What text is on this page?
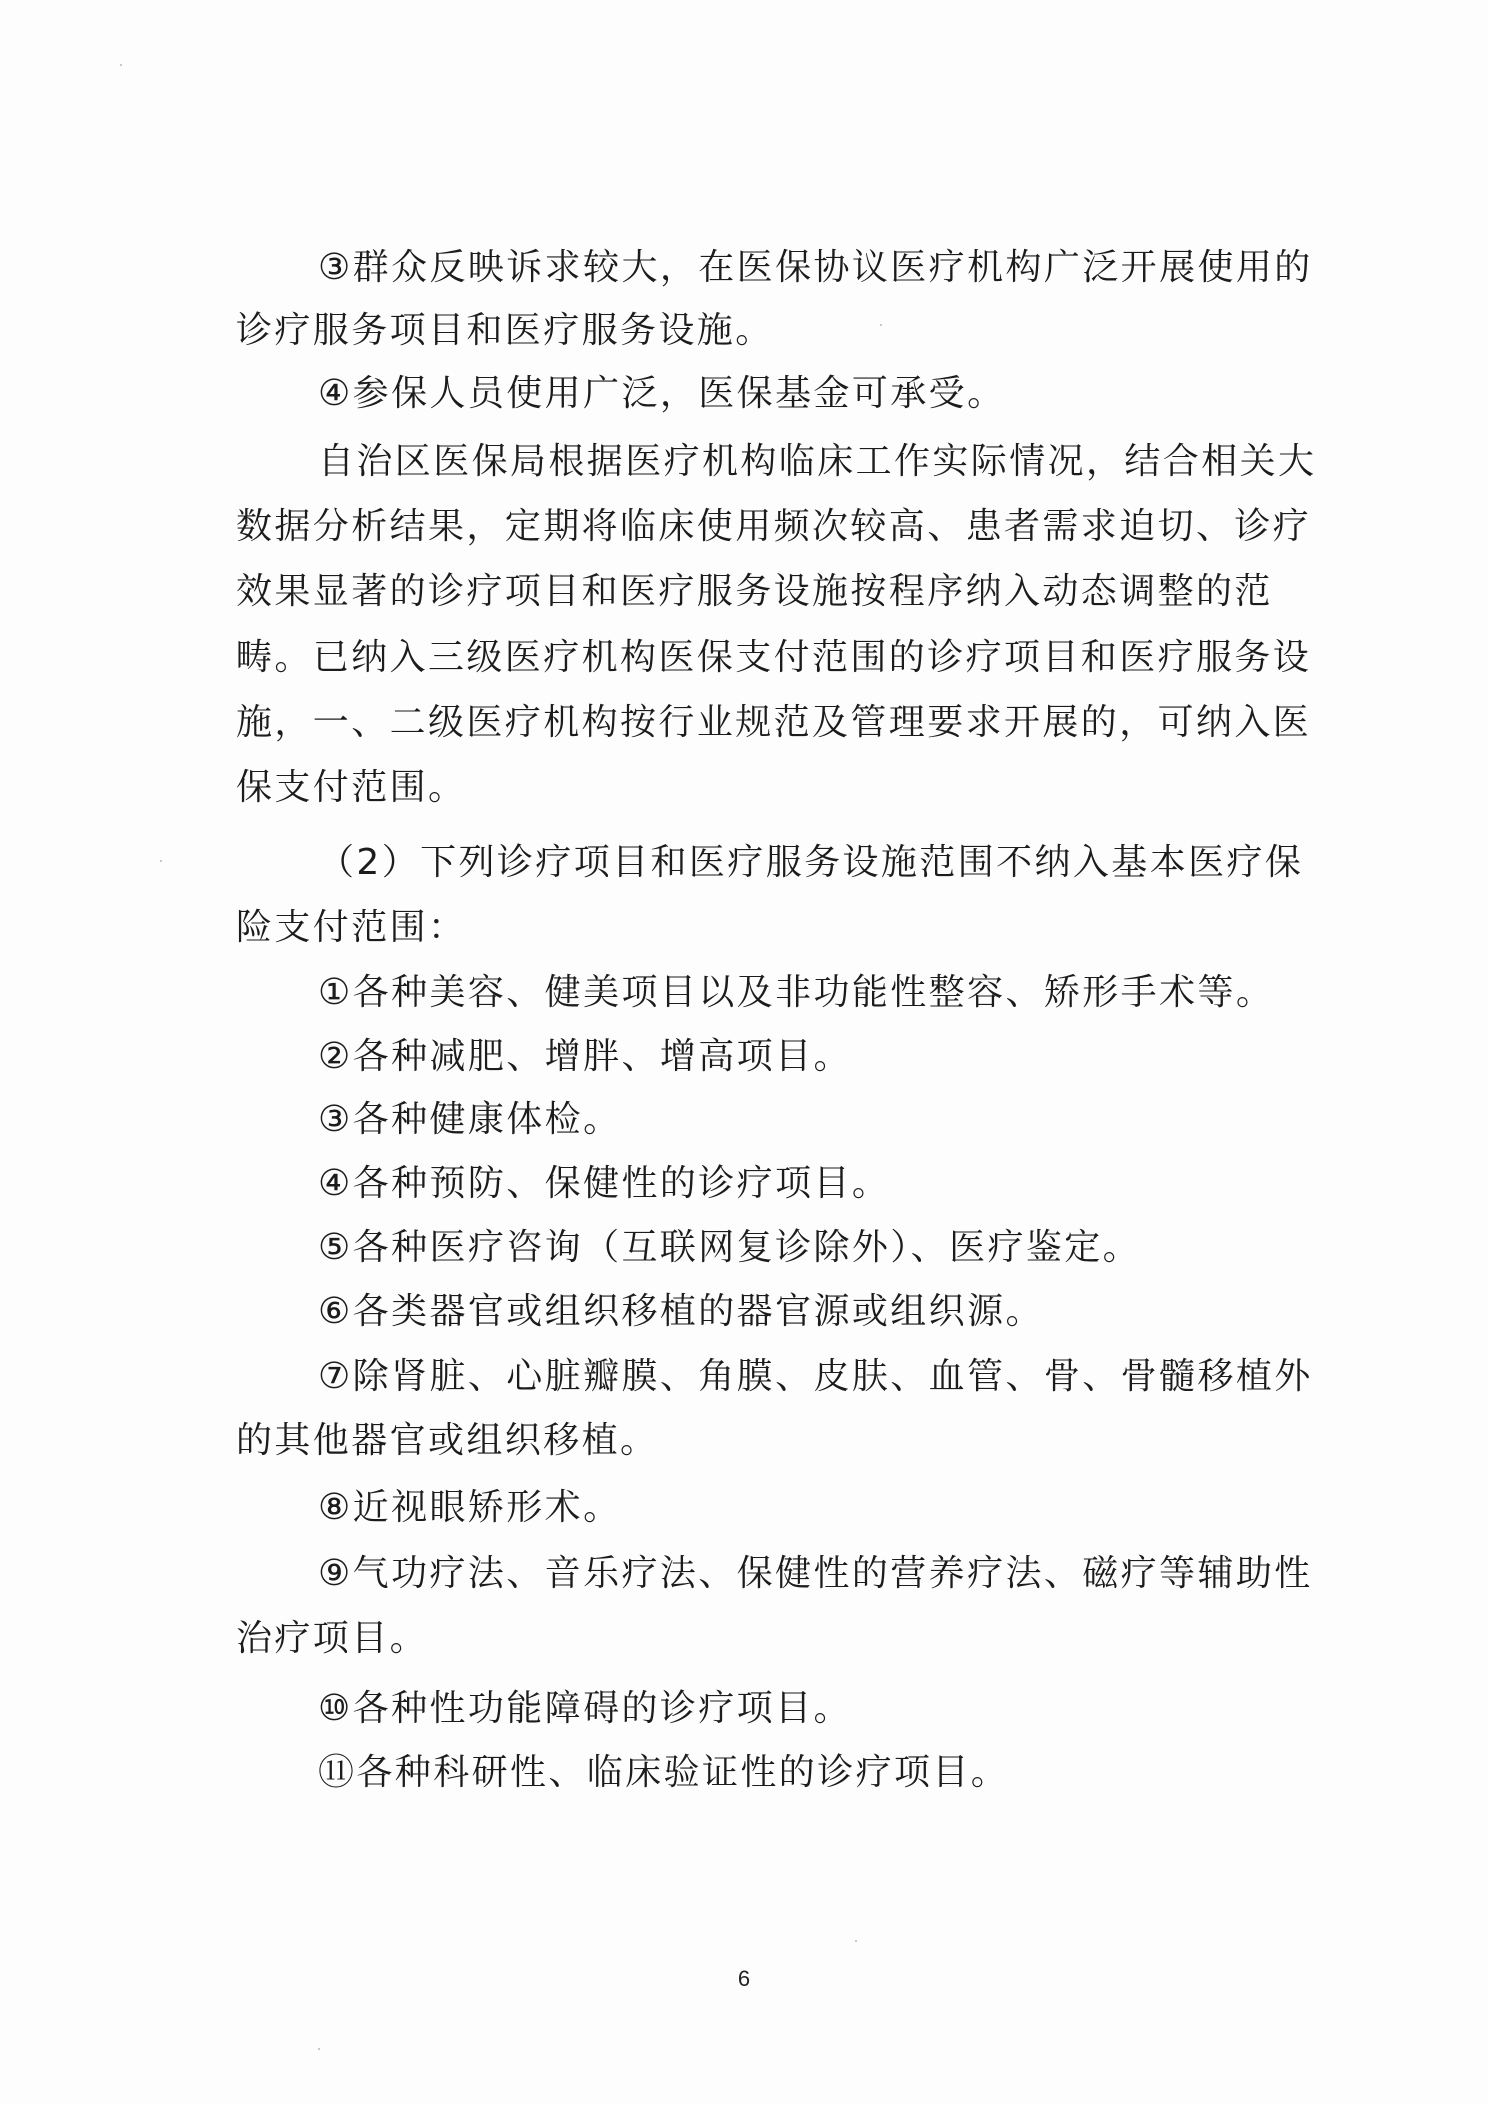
③群众反映诉求较大，在医保协议医疗机构广泛开展使用的
诊疗服务项目和医疗服务设施。
④参保人员使用广泛，医保基金可承受。
自治区医保局根据医疗机构临床工作实际情况，结合相关大
数据分析结果，定期将临床使用频次较高、患者需求迫切、诊疗
效果显著的诊疗项目和医疗服务设施按程序纳入动态调整的范
畴。已纳入三级医疗机构医保支付范围的诊疗项目和医疗服务设
施，一、二级医疗机构按行业规范及管理要求开展的，可纳入医
保支付范围。
（2）下列诊疗项目和医疗服务设施范围不纳入基本医疗保
险支付范围：
①各种美容、健美项目以及非功能性整容、矫形手术等。
②各种减肥、增胖、增高项目。
③各种健康体检。
④各种预防、保健性的诊疗项目。
⑤各种医疗咨询（互联网复诊除外）、医疗鉴定。
⑥各类器官或组织移植的器官源或组织源。
⑦除肾脏、心脏瓣膜、角膜、皮肤、血管、骨、骨髓移植外
的其他器官或组织移植。
⑧近视眼矫形术。
⑨气功疗法、音乐疗法、保健性的营养疗法、磁疗等辅助性
治疗项目。
⑩各种性功能障碍的诊疗项目。
⑪各种科研性、临床验证性的诊疗项目。
6
